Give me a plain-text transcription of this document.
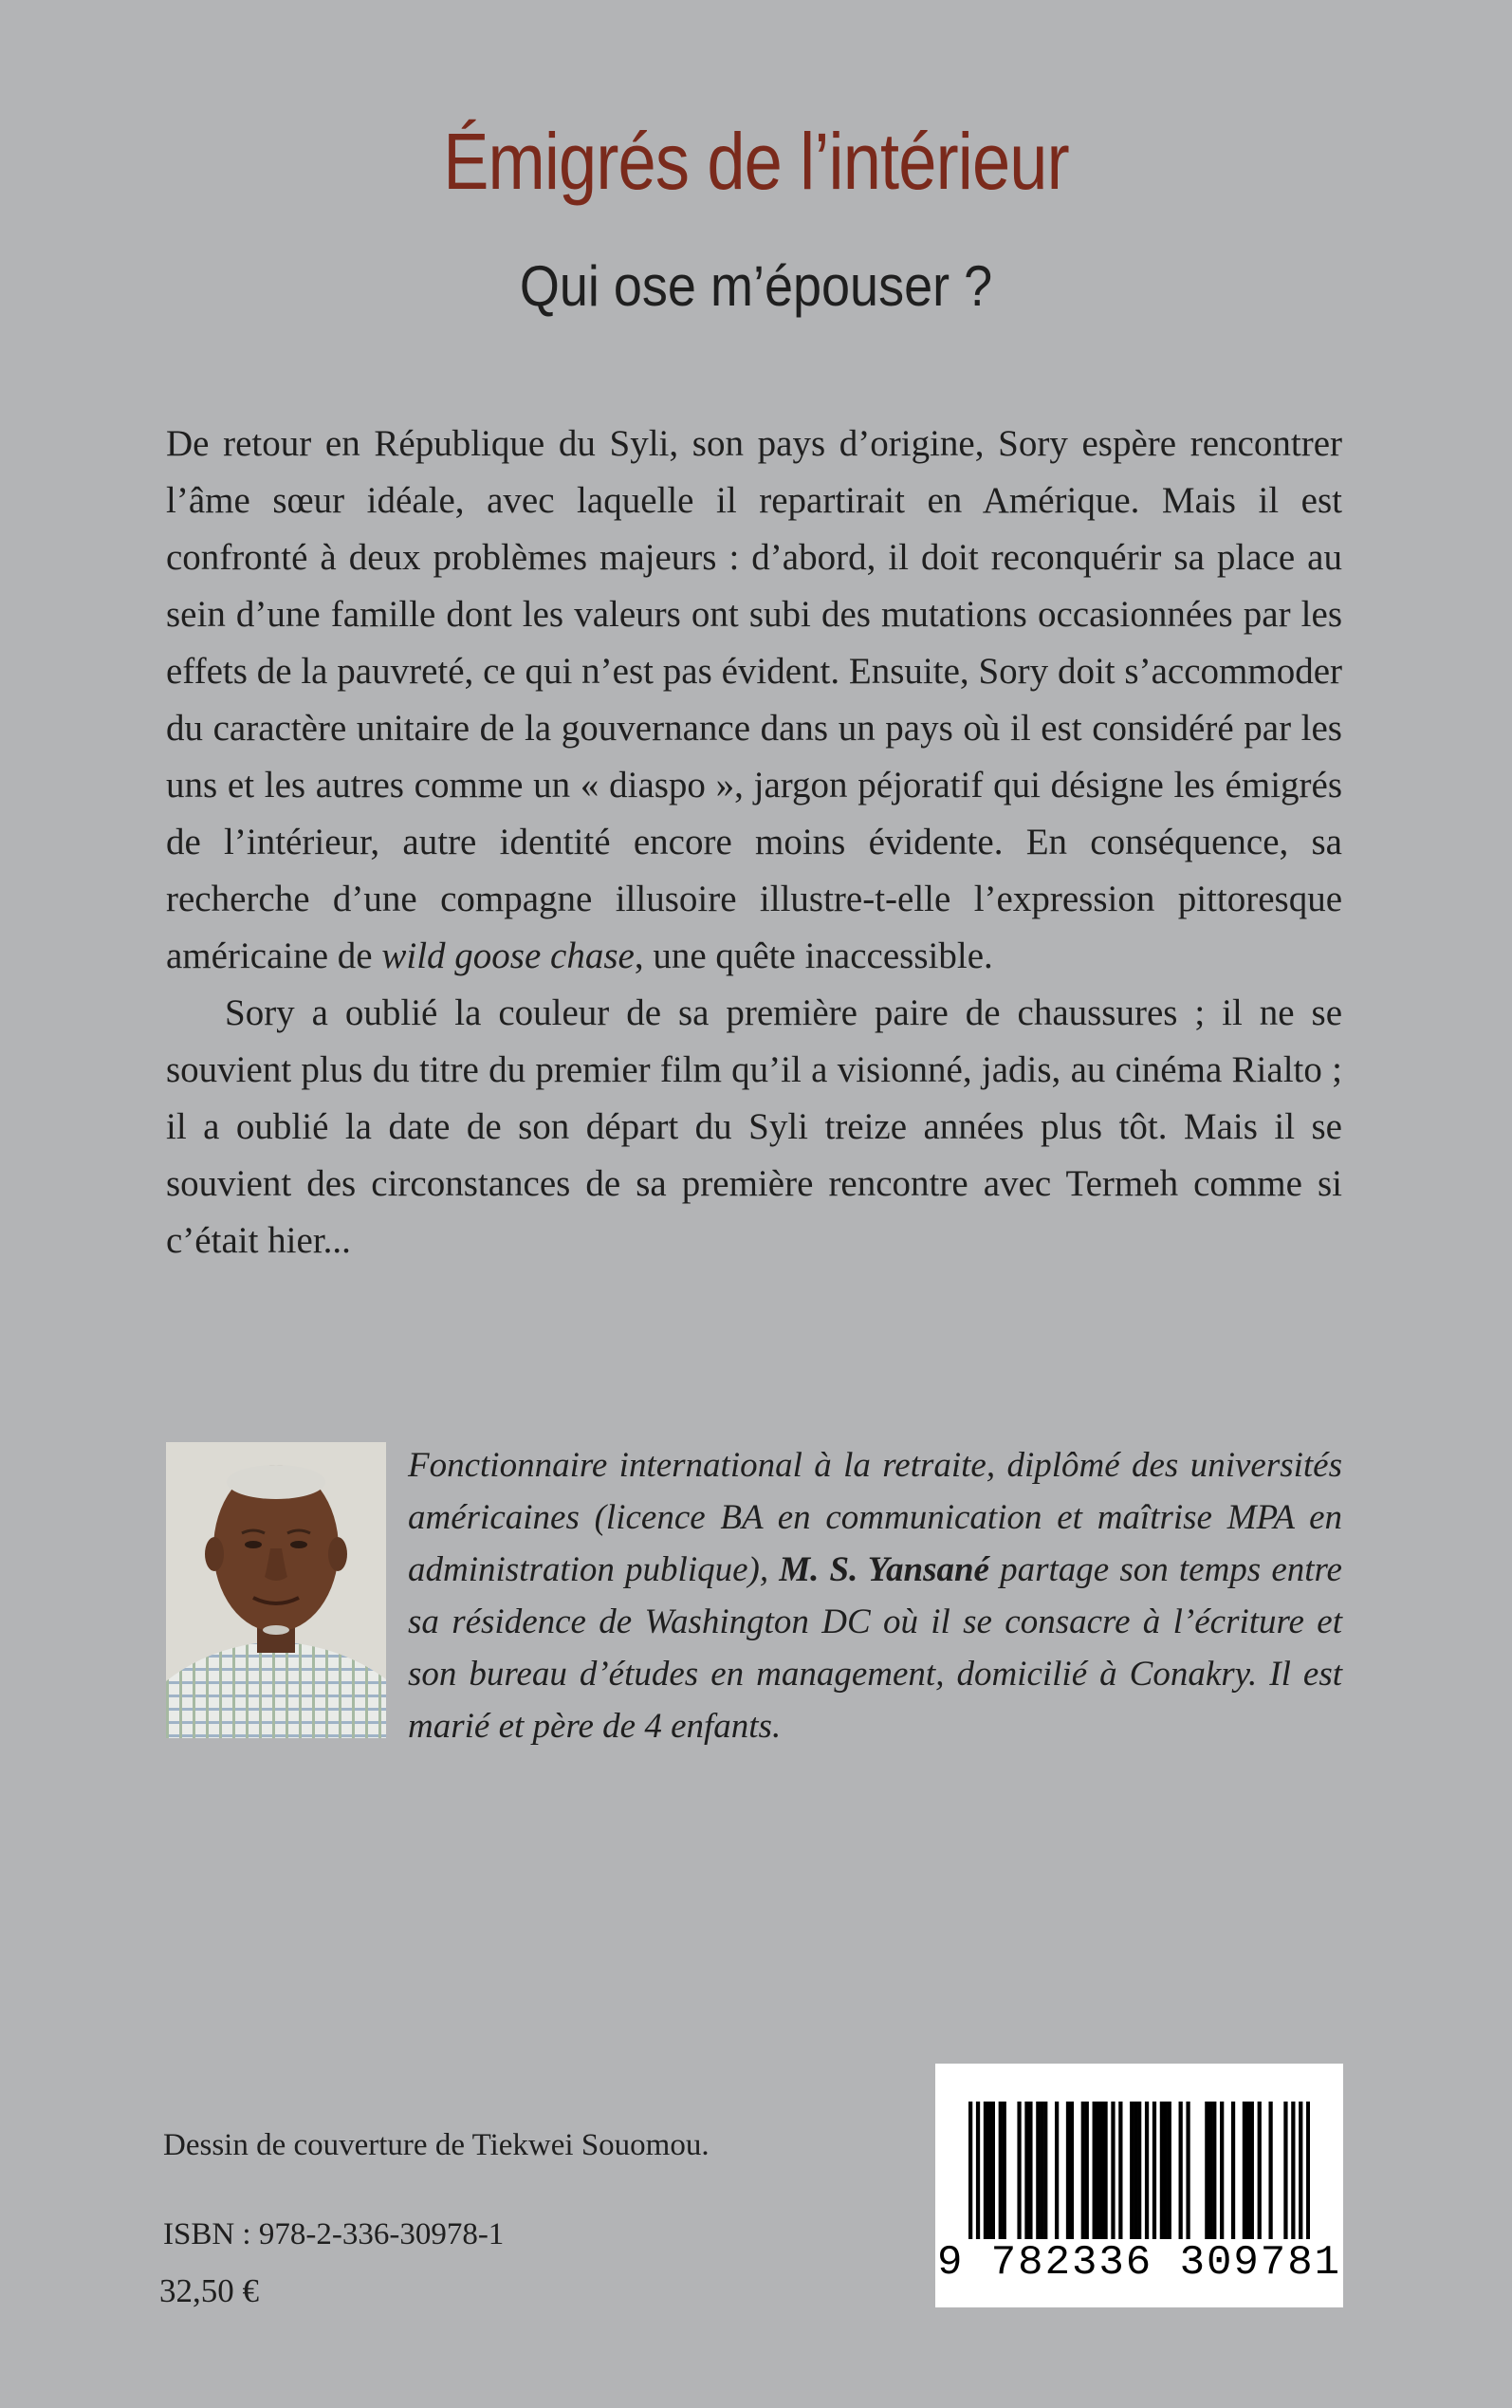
Émigrés de l’intérieur
Qui ose m’épouser ?

De retour en République du Syli, son pays d’origine, Sory espère rencontrer l’âme sœur idéale, avec laquelle il repartirait en Amérique. Mais il est confronté à deux problèmes majeurs : d’abord, il doit reconquérir sa place au sein d’une famille dont les valeurs ont subi des mutations occasionnées par les effets de la pauvreté, ce qui n’est pas évident. Ensuite, Sory doit s’accommoder du caractère unitaire de la gouvernance dans un pays où il est considéré par les uns et les autres comme un « diaspo », jargon péjoratif qui désigne les émigrés de l’intérieur, autre identité encore moins évidente. En conséquence, sa recherche d’une compagne illusoire illustre-t-elle l’expression pittoresque américaine de wild goose chase, une quête inaccessible.

Sory a oublié la couleur de sa première paire de chaussures ; il ne se souvient plus du titre du premier film qu’il a visionné, jadis, au cinéma Rialto ; il a oublié la date de son départ du Syli treize années plus tôt. Mais il se souvient des circonstances de sa première rencontre avec Termeh comme si c’était hier...

Fonctionnaire international à la retraite, diplômé des universités américaines (licence BA en communication et maîtrise MPA en administration publique), M. S. Yansané partage son temps entre sa résidence de Washington DC où il se consacre à l’écriture et son bureau d’études en management, domicilié à Conakry. Il est marié et père de 4 enfants.
Dessin de couverture de Tiekwei Souomou.
ISBN : 978-2-336-30978-1
32,50 €
9 782336 309781
